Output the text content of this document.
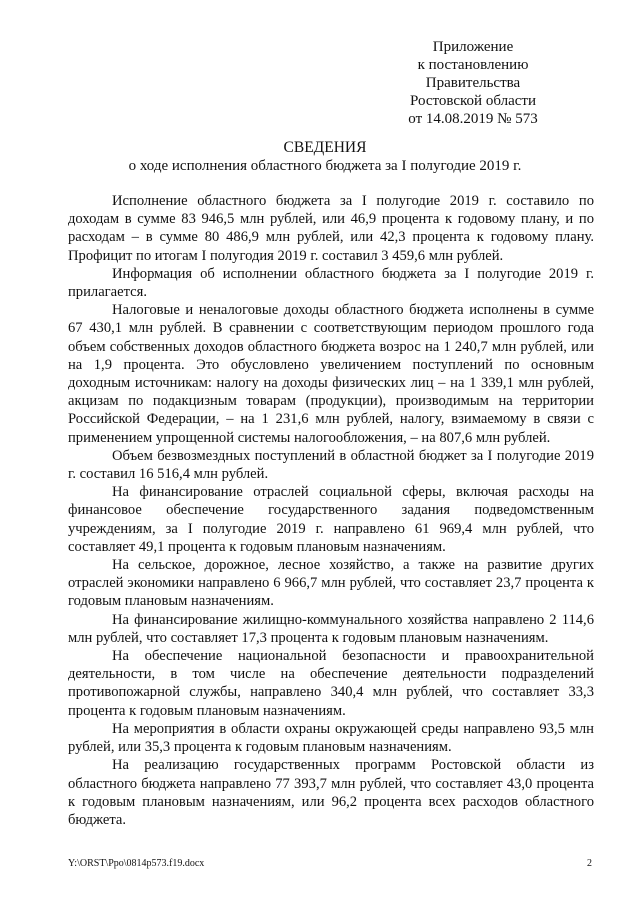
Приложение
к постановлению
Правительства
Ростовской области
от 14.08.2019 № 573
СВЕДЕНИЯ
о ходе исполнения областного бюджета за I полугодие 2019 г.

Исполнение областного бюджета за I полугодие 2019 г. составило по доходам в сумме 83 946,5 млн рублей, или 46,9 процента к годовому плану, и по расходам – в сумме 80 486,9 млн рублей, или 42,3 процента к годовому плану. Профицит по итогам I полугодия 2019 г. составил 3 459,6 млн рублей.

Информация об исполнении областного бюджета за I полугодие 2019 г. прилагается.

Налоговые и неналоговые доходы областного бюджета исполнены в сумме 67 430,1 млн рублей. В сравнении с соответствующим периодом прошлого года объем собственных доходов областного бюджета возрос на 1 240,7 млн рублей, или на 1,9 процента. Это обусловлено увеличением поступлений по основным доходным источникам: налогу на доходы физических лиц – на 1 339,1 млн рублей, акцизам по подакцизным товарам (продукции), производимым на территории Российской Федерации, – на 1 231,6 млн рублей, налогу, взимаемому в связи с применением упрощенной системы налогообложения, – на 807,6 млн рублей.

Объем безвозмездных поступлений в областной бюджет за I полугодие 2019 г. составил 16 516,4 млн рублей.

На финансирование отраслей социальной сферы, включая расходы на финансовое обеспечение государственного задания подведомственным учреждениям, за I полугодие 2019 г. направлено 61 969,4 млн рублей, что составляет 49,1 процента к годовым плановым назначениям.

На сельское, дорожное, лесное хозяйство, а также на развитие других отраслей экономики направлено 6 966,7 млн рублей, что составляет 23,7 процента к годовым плановым назначениям.

На финансирование жилищно-коммунального хозяйства направлено 2 114,6 млн рублей, что составляет 17,3 процента к годовым плановым назначениям.

На обеспечение национальной безопасности и правоохранительной деятельности, в том числе на обеспечение деятельности подразделений противопожарной службы, направлено 340,4 млн рублей, что составляет 33,3 процента к годовым плановым назначениям.

На мероприятия в области охраны окружающей среды направлено 93,5 млн рублей, или 35,3 процента к годовым плановым назначениям.

На реализацию государственных программ Ростовской области из областного бюджета направлено 77 393,7 млн рублей, что составляет 43,0 процента к годовым плановым назначениям, или 96,2 процента всех расходов областного бюджета.

Y:\ORST\Ppo\0814p573.f19.docx	2
